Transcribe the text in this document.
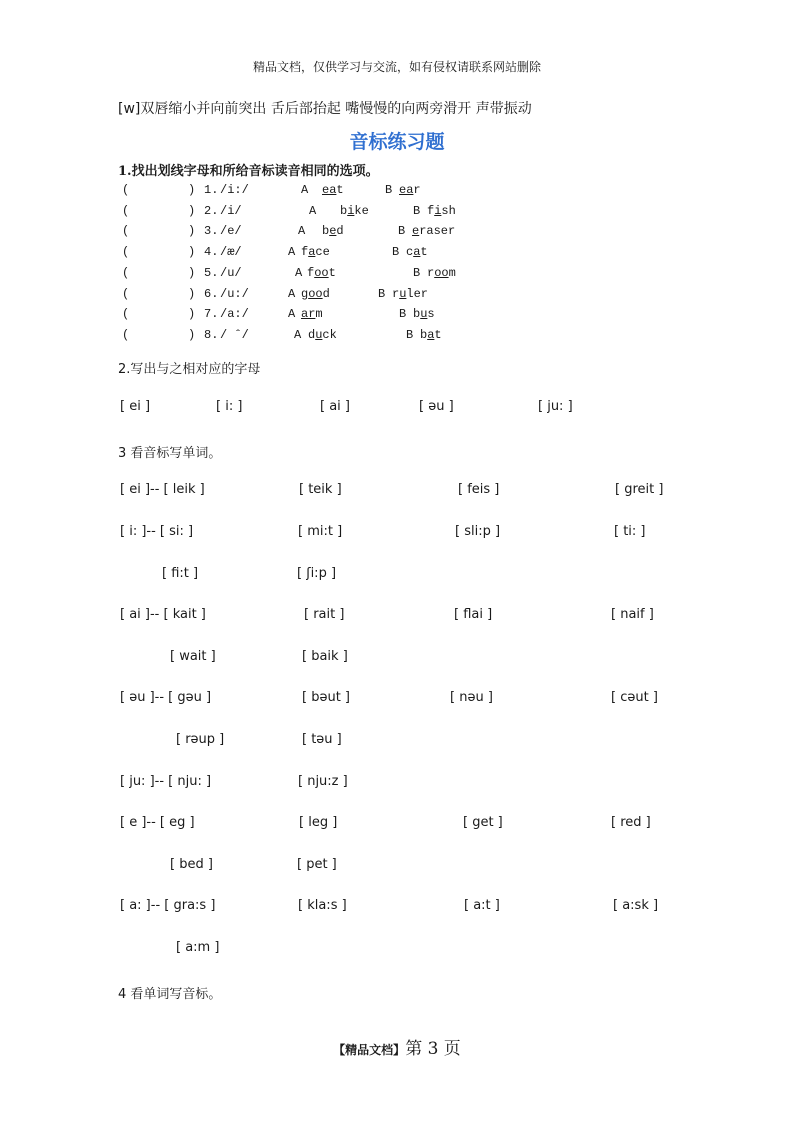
精品文档，仅供学习与交流，如有侵权请联系网站删除
[w]双唇缩小并向前突出 舌后部抬起 嘴慢慢的向两旁滑开 声带振动
音标练习题
1.找出划线字母和所给音标读音相同的选项。
(	) 1. /i:/	A eat	B ear
(	) 2. /i/	A bike	B fish
(	) 3. /e/	A bed	B eraser
(	) 4. /æ/	A face	B cat
(	) 5. /u/	A foot	B room
(	) 6. /u:/	A good	B ruler
(	) 7. /a:/	A arm	B bus
(	) 8. / ˆ/	A duck	B bat
2.写出与之相对应的字母
[ ei ]	[ i: ]	[ ai ]	[ əu ]	[ ju: ]
3 看音标写单词。
[ ei ]-- [ leik ]	[ teik ]	[ feis ]	[ greit ]
[ i: ]-- [ si: ]	[ mi:t ]	[ sli:p ]	[ ti: ]
[ fi:t ]	[ ʃi:p ]
[ ai ]-- [ kait ]	[ rait ]	[ flai ]	[ naif ]
[ wait ]	[ baik ]
[ əu ]-- [ gəu ]	[ bəut ]	[ nəu ]	[ cəut ]
[ rəup ]	[ təu ]
[ ju: ]-- [ nju: ]	[ nju:z ]
[ e ]-- [ eg ]	[ leg ]	[ get ]	[ red ]
[ bed ]	[ pet ]
[ a: ]-- [ gra:s ]	[ kla:s ]	[ a:t ]	[ a:sk ]
[ a:m ]
4 看单词写音标。
【精品文档】第 3 页
